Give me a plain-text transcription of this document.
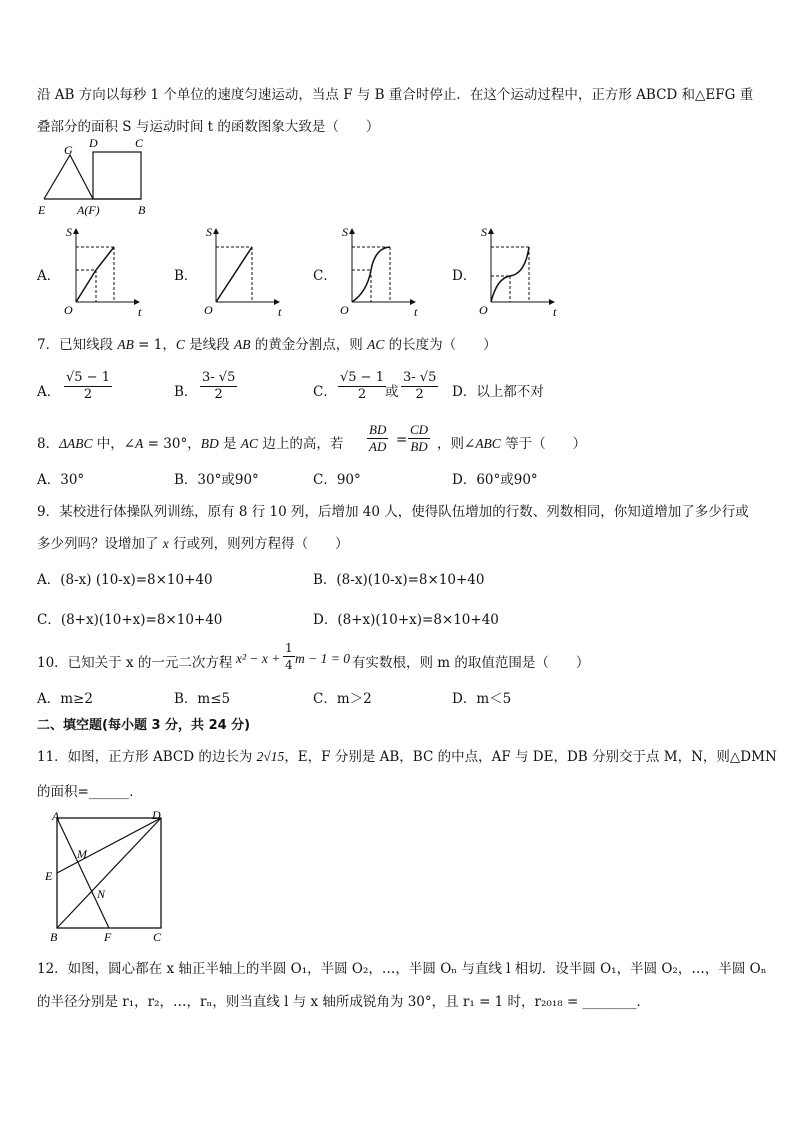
沿 AB 方向以每秒 1 个单位的速度匀速运动，当点 F 与 B 重合时停止．在这个运动过程中，正方形 ABCD 和△EFG 重
叠部分的面积 S 与运动时间 t 的函数图象大致是（　　）
G D	C
E	A(F)	B
A．
S
O	t
B．
S
O	t
C．
S
O	t
D．
S
O	t
7．已知线段 AB = 1，C 是线段 AB 的黄金分割点，则 AC 的长度为（　　）
A． $\frac{√5 - 1}{2}$	B． $\frac{3- √5}{2}$	C． $\frac{√5 - 1}{2}$ 或 $\frac{3- √5}{2}$ D．以上都不对
8．ΔABC 中，∠A = 30°，BD 是 AC 边上的高，若 $\frac{BD}{AD} = \frac{CD}{BD}$ ，则∠ABC 等于（　　）
A．30°	B．30°或90°	C．90°	D．60°或90°
9．某校进行体操队列训练，原有 8 行 10 列，后增加 40 人，使得队伍增加的行数、列数相同，你知道增加了多少行或
多少列吗？设增加了 x 行或列，则列方程得（　　）
A．(8-x) (10-x)=8×10+40	B．(8-x)(10-x)=8×10+40
C．(8+x)(10+x)=8×10+40	D．(8+x)(10+x)=8×10+40
10．已知关于 x 的一元二次方程 $x^2 - x + \frac{1}{4}$ m − 1 = 0 有实数根，则 m 的取值范围是（　　）
A．m≥2	B．m≤5	C．m＞2	D．m＜5
二、填空题(每小题 3 分，共 24 分)
11．如图，正方形 ABCD 的边长为 2√15，E，F 分别是 AB，BC 的中点，AF 与 DE，DB 分别交于点 M，N，则△DMN
的面积=______．
A	D
M
E
N
B	F	C
12．如图，圆心都在 x 轴正半轴上的半圆 O₁，半圆 O₂，…，半圆 Oₙ 与直线 l 相切．设半圆 O₁，半圆 O₂，…，半圆 Oₙ
的半径分别是 r₁，r₂，…，rₙ，则当直线 l 与 x 轴所成锐角为 30°，且 r₁ = 1 时，r₂₀₁₈ = ________．
